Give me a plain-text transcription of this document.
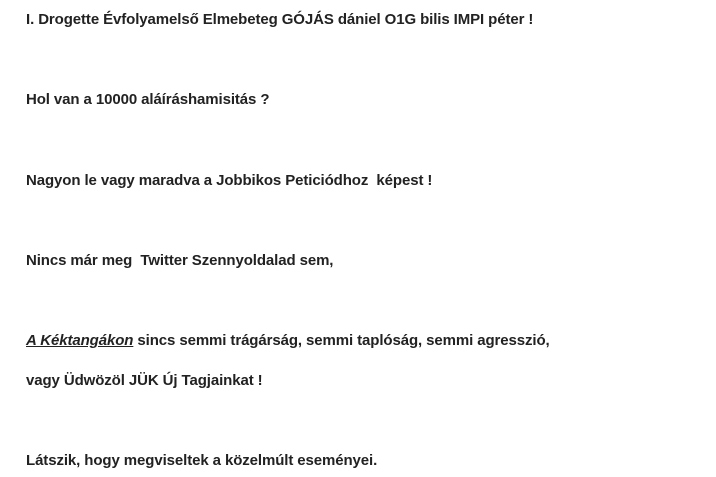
I. Drogette Évfolyamelső Elmebeteg GÓJÁS dániel O1G bilis IMPI péter !
Hol van a 10000 aláíráshamisitás ?
Nagyon le vagy maradva a Jobbikos Peticiódhoz  képest !
Nincs már meg  Twitter Szennyoldalad sem,
A Kéktangákon sincs semmi trágárság, semmi taplóság, semmi agresszió,
vagy Üdwözöl JÜK Új Tagjainkat !
Látszik, hogy megviseltek a közelmúlt eseményei.
